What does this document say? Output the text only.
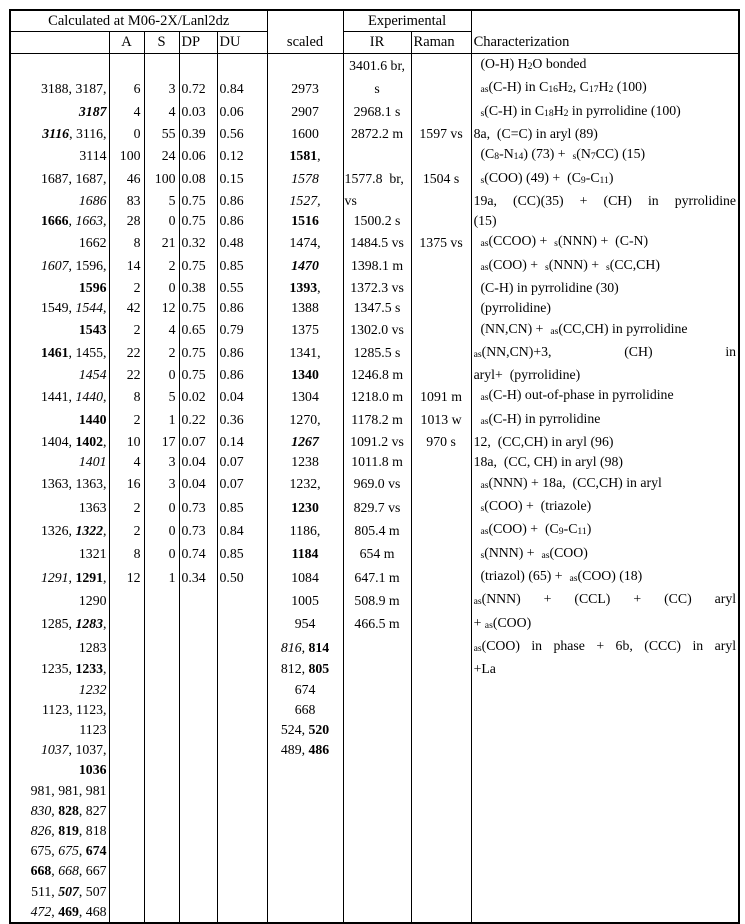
Calculated at M06-2X/Lanl2dz					scaled	Experimental		Characterization
	A	S	DP	DU		IR	Raman	
						3401.6 br,		(O-H) H2O bonded
3188, 3187,	6	3	0.72	0.84	2973	s		as(C-H) in C16H2, C17H2 (100)
3187	4	4	0.03	0.06	2907	2968.1 s		s(C-H) in C18H2 in pyrrolidine (100)
3116, 3116,	0	55	0.39	0.56	1600	2872.2 m	1597 vs	8a,  (C=C) in aryl (89)
3114	100	24	0.06	0.12	1581,			(C8-N14) (73) +  s(N7CC) (15)
1687, 1687,	46	100	0.08	0.15	1578	1577.8  br,	1504 s	s(COO) (49) +  (C9-C11)
1686	83	5	0.75	0.86	1527,	vs		19a, (CC)(35) + (CH) in pyrrolidine
1666, 1663,	28	0	0.75	0.86	1516	1500.2 s		(15)
1662	8	21	0.32	0.48	1474,	1484.5 vs	1375 vs	as(CCOO) +  s(NNN) +  (C-N)
1607, 1596,	14	2	0.75	0.85	1470	1398.1 m		as(COO) +  s(NNN) +  s(CC,CH)
1596	2	0	0.38	0.55	1393,	1372.3 vs		(C-H) in pyrrolidine (30)
1549, 1544,	42	12	0.75	0.86	1388	1347.5 s		(pyrrolidine)
1543	2	4	0.65	0.79	1375	1302.0 vs		(NN,CN) +  as(CC,CH) in pyrrolidine
1461, 1455,	22	2	0.75	0.86	1341,	1285.5 s		as(NN,CN)+3, (CH) in
1454	22	0	0.75	0.86	1340	1246.8 m		aryl+  (pyrrolidine)
1441, 1440,	8	5	0.02	0.04	1304	1218.0 m	1091 m	as(C-H) out-of-phase in pyrrolidine
1440	2	1	0.22	0.36	1270,	1178.2 m	1013 w	as(C-H) in pyrrolidine
1404, 1402,	10	17	0.07	0.14	1267	1091.2 vs	970 s	12,  (CC,CH) in aryl (96)
1401	4	3	0.04	0.07	1238	1011.8 m		18a,  (CC, CH) in aryl (98)
1363, 1363,	16	3	0.04	0.07	1232,	969.0 vs		as(NNN) + 18a,  (CC,CH) in aryl
1363	2	0	0.73	0.85	1230	829.7 vs		s(COO) +  (triazole)
1326, 1322,	2	0	0.73	0.84	1186,	805.4 m		as(COO) +  (C9-C11)
1321	8	0	0.74	0.85	1184	654 m		s(NNN) +  as(COO)
1291, 1291,	12	1	0.34	0.50	1084	647.1 m		(triazol) (65) +  as(COO) (18)
1290					1005	508.9 m		as(NNN) + (CCL) + (CC) aryl
1285, 1283,					954	466.5 m		+ as(COO)
1283					816, 814			as(COO) in phase + 6b, (CCC) in aryl
1235, 1233,					812, 805			+La
1232					674			
1123, 1123,					668			
1123					524, 520			
1037, 1037,					489, 486			
1036								
981, 981, 981								
830, 828, 827								
826, 819, 818								
675, 675, 674								
668, 668, 667								
511, 507, 507								
472, 469, 468								
